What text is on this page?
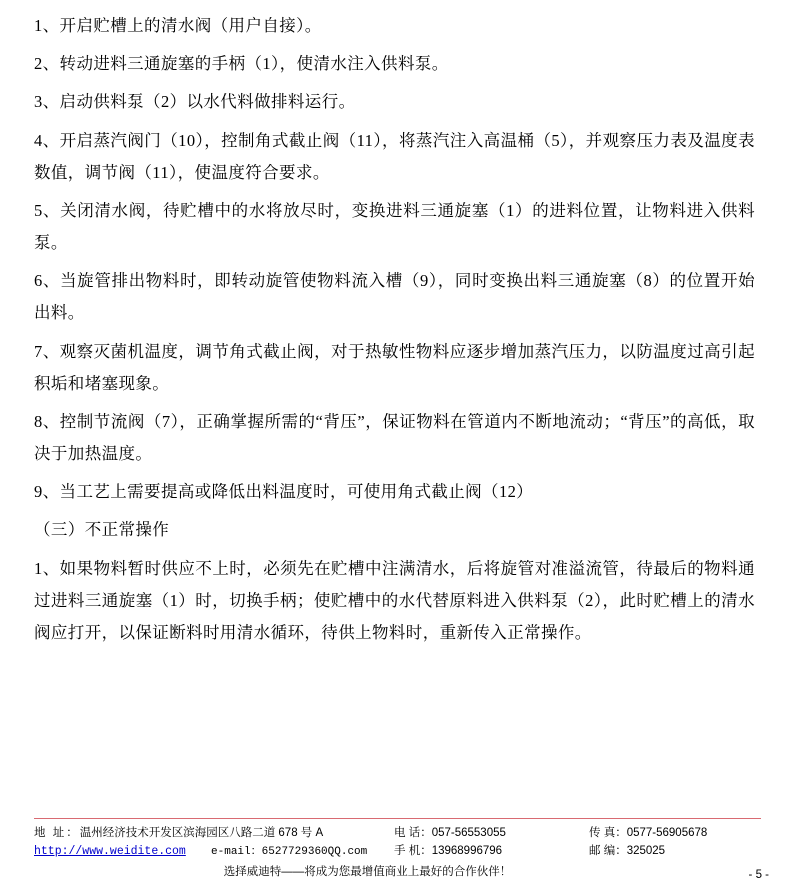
1、开启贮槽上的清水阀（用户自接）。

2、转动进料三通旋塞的手柄（1），使清水注入供料泵。

3、启动供料泵（2）以水代料做排料运行。

4、开启蒸汽阀门（10），控制角式截止阀（11），将蒸汽注入高温桶（5），并观察压力表及温度表数值，调节阀（11），使温度符合要求。

5、关闭清水阀，待贮槽中的水将放尽时，变换进料三通旋塞（1）的进料位置，让物料进入供料泵。

6、当旋管排出物料时，即转动旋管使物料流入槽（9），同时变换出料三通旋塞（8）的位置开始出料。

7、观察灭菌机温度，调节角式截止阀，对于热敏性物料应逐步增加蒸汽压力，以防温度过高引起积垢和堵塞现象。

8、控制节流阀（7），正确掌握所需的“背压”，保证物料在管道内不断地流动；“背压”的高低，取决于加热温度。

9、当工艺上需要提高或降低出料温度时，可使用角式截止阀（12）

（三）不正常操作

1、如果物料暂时供应不上时，必须先在贮槽中注满清水，后将旋管对准溢流管，待最后的物料通过进料三通旋塞（1）时，切换手柄；使贮槽中的水代替原料进入供料泵（2），此时贮槽上的清水阀应打开，以保证断料时用清水循环，待供上物料时，重新传入正常操作。

地 址：温州经济技术开发区滨海园区八路二道 678 号 A	电 话：057-56553055	传 真：0577-56905678
http://www.weidite.com e-mail：6527729360QQ.com	手 机：13968996796	邮 编：325025
选择威迪特——将成为您最增值商业上最好的合作伙伴！	- 5 -
